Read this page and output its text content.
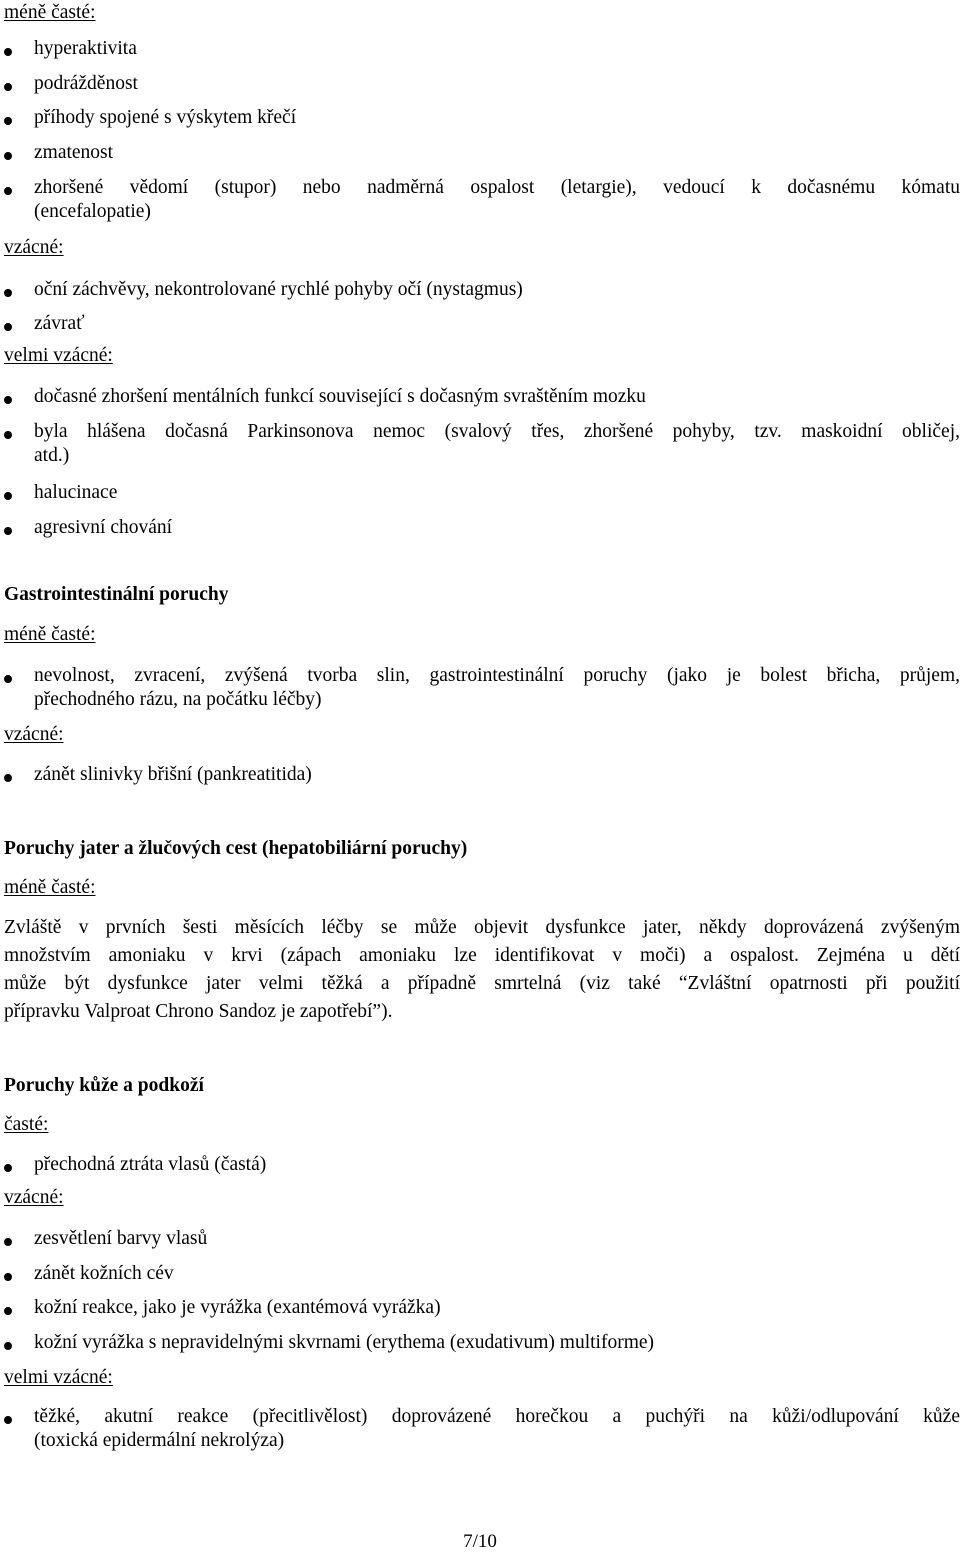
méně časté:

hyperaktivita
podrážděnost
příhody spojené s výskytem křečí
zmatenost
zhoršené vědomí (stupor) nebo nadměrná ospalost (letargie), vedoucí k dočasnému kómatu
(encefalopatie)

vzácné:

oční záchvěvy, nekontrolované rychlé pohyby očí (nystagmus)
závrať

velmi vzácné:

dočasné zhoršení mentálních funkcí související s dočasným svraštěním mozku
byla hlášena dočasná Parkinsonova nemoc (svalový třes, zhoršené pohyby, tzv. maskoidní obličej,
atd.)
halucinace
agresivní chování

Gastrointestinální poruchy

méně časté:

nevolnost, zvracení, zvýšená tvorba slin, gastrointestinální poruchy (jako je bolest břicha, průjem,
přechodného rázu, na počátku léčby)

vzácné:

zánět slinivky břišní (pankreatitida)

Poruchy jater a žlučových cest (hepatobiliární poruchy)

méně časté:

Zvláště v prvních šesti měsících léčby se může objevit dysfunkce jater, někdy doprovázená zvýšeným
množstvím amoniaku v krvi (zápach amoniaku lze identifikovat v moči) a ospalost. Zejména u dětí
může být dysfunkce jater velmi těžká a případně smrtelná (viz také “Zvláštní opatrnosti při použití
přípravku Valproat Chrono Sandoz je zapotřebí”).

Poruchy kůže a podkoží

časté:

přechodná ztráta vlasů (častá)

vzácné:

zesvětlení barvy vlasů
zánět kožních cév
kožní reakce, jako je vyrážka (exantémová vyrážka)
kožní vyrážka s nepravidelnými skvrnami (erythema (exudativum) multiforme)

velmi vzácné:

těžké, akutní reakce (přecitlivělost) doprovázené horečkou a puchýři na kůži/odlupování kůže
(toxická epidermální nekrolýza)

7/10
